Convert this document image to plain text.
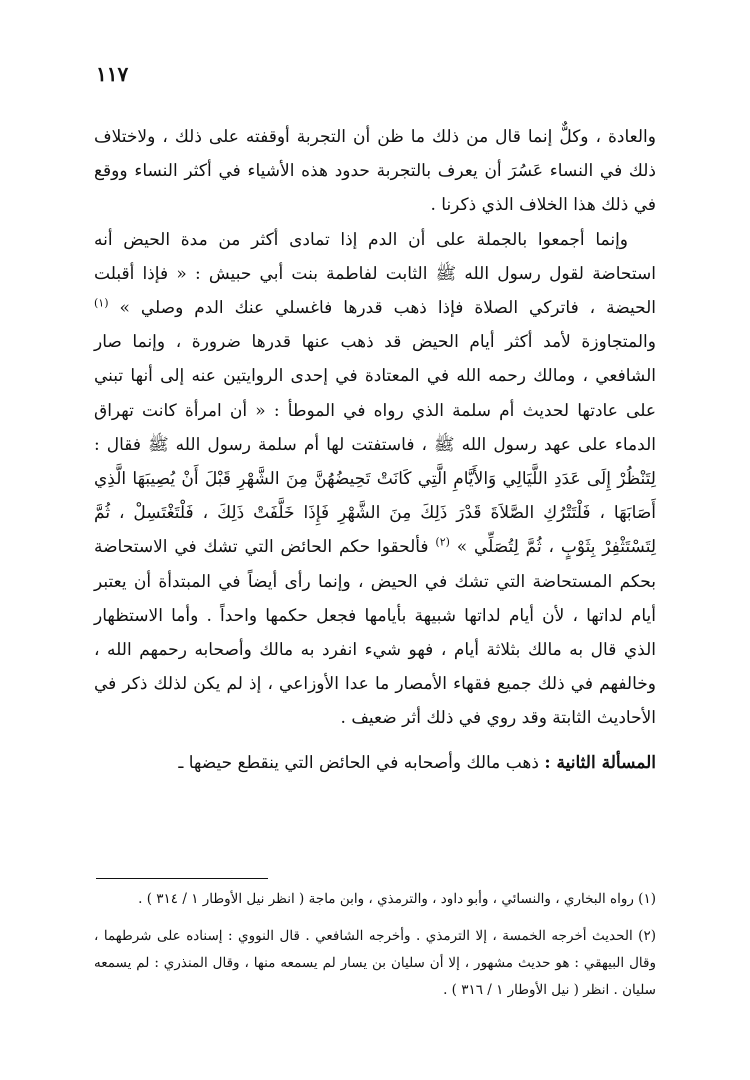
١١٧

والعادة ، وكلٌّ إنما قال من ذلك ما ظن أن التجربة أوقفته على ذلك ، ولاختلاف ذلك في النساء عَسُرَ أن يعرف بالتجربة حدود هذه الأشياء في أكثر النساء ووقع في ذلك هذا الخلاف الذي ذكرنا .

وإنما أجمعوا بالجملة على أن الدم إذا تمادى أكثر من مدة الحيض أنه استحاضة لقول رسول الله ﷺ الثابت لفاطمة بنت أبي حبيش : « فإذا أقبلت الحيضة ، فاتركي الصلاة فإذا ذهب قدرها فاغسلي عنك الدم وصلي » $^{(١)}$ والمتجاوزة لأمد أكثر أيام الحيض قد ذهب عنها قدرها ضرورة ، وإنما صار الشافعي ، ومالك رحمه الله في المعتادة في إحدى الروايتين عنه إلى أنها تبني على عادتها لحديث أم سلمة الذي رواه في الموطأ : « أن امرأة كانت تهراق الدماء على عهد رسول الله ﷺ ، فاستفتت لها أم سلمة رسول الله ﷺ فقال : لِتَنْظُرْ إِلَى عَدَدِ اللَّيَالِي وَالأَيَّامِ الَّتِي كَانَتْ تَحِيضُهُنَّ مِنَ الشَّهْرِ قَبْلَ أَنْ يُصِيبَهَا الَّذِي أَصَابَهَا ، فَلْتَتْرُكِ الصَّلاَةَ قَدْرَ ذَلِكَ مِنَ الشَّهْرِ فَإِذَا خَلَّفَتْ ذَلِكَ ، فَلْتَغْتَسِلْ ، ثُمَّ لِتَسْتَثْفِرْ بِثَوْبٍ ، ثُمَّ لِتُصَلِّي » $^{(٢)}$ فألحقوا حكم الحائض التي تشك في الاستحاضة بحكم المستحاضة التي تشك في الحيض ، وإنما رأى أيضاً في المبتدأة أن يعتبر أيام لداتها ، لأن أيام لداتها شبيهة بأيامها فجعل حكمها واحداً . وأما الاستظهار الذي قال به مالك بثلاثة أيام ، فهو شيء انفرد به مالك وأصحابه رحمهم الله ، وخالفهم في ذلك جميع فقهاء الأمصار ما عدا الأوزاعي ، إذ لم يكن لذلك ذكر في الأحاديث الثابتة وقد روي في ذلك أثر ضعيف .

المسألة الثانية : ذهب مالك وأصحابه في الحائض التي ينقطع حيضها ـ

(١) رواه البخاري ، والنسائي ، وأبو داود ، والترمذي ، وابن ماجة ( انظر نيل الأوطار ١ / ٣١٤ ) .

(٢) الحديث أخرجه الخمسة ، إلا الترمذي . وأخرجه الشافعي . قال النووي : إسناده على شرطهما ، وقال البيهقي : هو حديث مشهور ، إلا أن سليان بن يسار لم يسمعه منها ، وقال المنذري : لم يسمعه سليان . انظر ( نيل الأوطار ١ / ٣١٦ ) .
